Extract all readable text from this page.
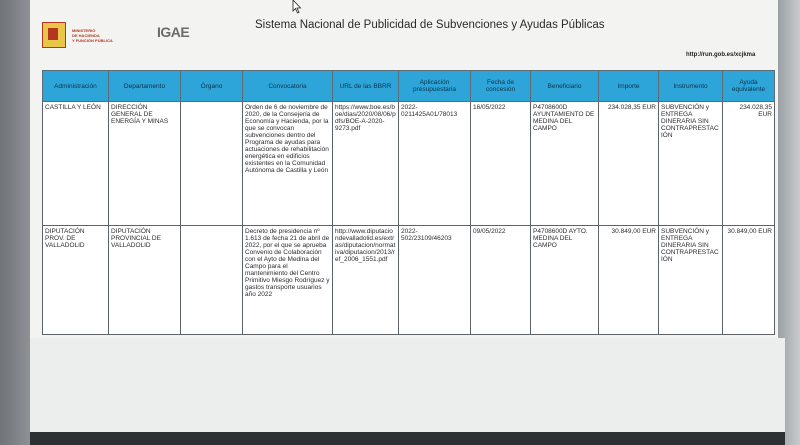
MINISTERIO
DE HACIENDA
Y FUNCIÓN PÚBLICA	IGAE	Sistema Nacional de Publicidad de Subvenciones y Ayudas Públicas
http://run.gob.es/xcjkma
Administración	Departamento	Órgano	Convocatoria	URL de las BBRR	Aplicación presupuestaria	Fecha de concesión	Beneficiario	Importe	Instrumento	Ayuda equivalente
CASTILLA Y LEÓN	DIRECCIÓN GENERAL DE ENERGÍA Y MINAS		Orden de 6 de noviembre de 2020, de la Consejería de Economía y Hacienda, por la que se convocan subvenciones dentro del Programa de ayudas para actuaciones de rehabilitación energética en edificios existentes en la Comunidad Autónoma de Castilla y León	https://www.boe.es/boe/dias/2020/08/06/pdfs/BOE-A-2020-9273.pdf	2022-0211425A01/78013	16/05/2022	P4708600D AYUNTAMIENTO DE MEDINA DEL CAMPO	234.028,35 EUR	SUBVENCIÓN y ENTREGA DINERARIA SIN CONTRAPRESTACIÓN	234.028,35 EUR
DIPUTACIÓN PROV. DE VALLADOLID	DIPUTACIÓN PROVINCIAL DE VALLADOLID		Decreto de presidencia nº 1.613 de fecha 21 de abril de 2022, por el que se aprueba Convenio de Colaboración con el Ayto de Medina del Campo para el mantenimiento del Centro Primitivo Miesgo Rodríguez y gastos transporte usuarios año 2022	http://www.diputaciondevalladolid.es/extras/diputacion/normativa/diputacion/2013/ref_2006_1551.pdf	2022-502/23109/46203	09/05/2022	P4708600D AYTO. MEDINA DEL CAMPO	30.849,00 EUR	SUBVENCIÓN y ENTREGA DINERARIA SIN CONTRAPRESTACIÓN	30.849,00 EUR
